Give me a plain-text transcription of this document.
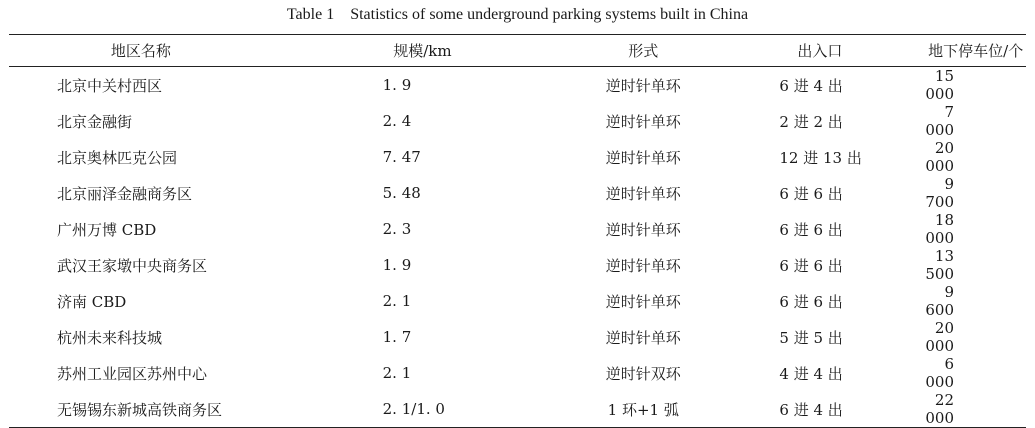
Table 1 Statistics of some underground parking systems built in China
地区名称	规模/km	形式	出入口	地下停车位/个
北京中关村西区	1. 9	逆时针单环	6 进 4 出	15 000
北京金融街	2. 4	逆时针单环	2 进 2 出	7 000
北京奥林匹克公园	7. 47	逆时针单环	12 进 13 出	20 000
北京丽泽金融商务区	5. 48	逆时针单环	6 进 6 出	9 700
广州万博 CBD	2. 3	逆时针单环	6 进 6 出	18 000
武汉王家墩中央商务区	1. 9	逆时针单环	6 进 6 出	13 500
济南 CBD	2. 1	逆时针单环	6 进 6 出	9 600
杭州未来科技城	1. 7	逆时针单环	5 进 5 出	20 000
苏州工业园区苏州中心	2. 1	逆时针双环	4 进 4 出	6 000
无锡锡东新城高铁商务区	2. 1/1. 0	1 环+1 弧	6 进 4 出	22 000
